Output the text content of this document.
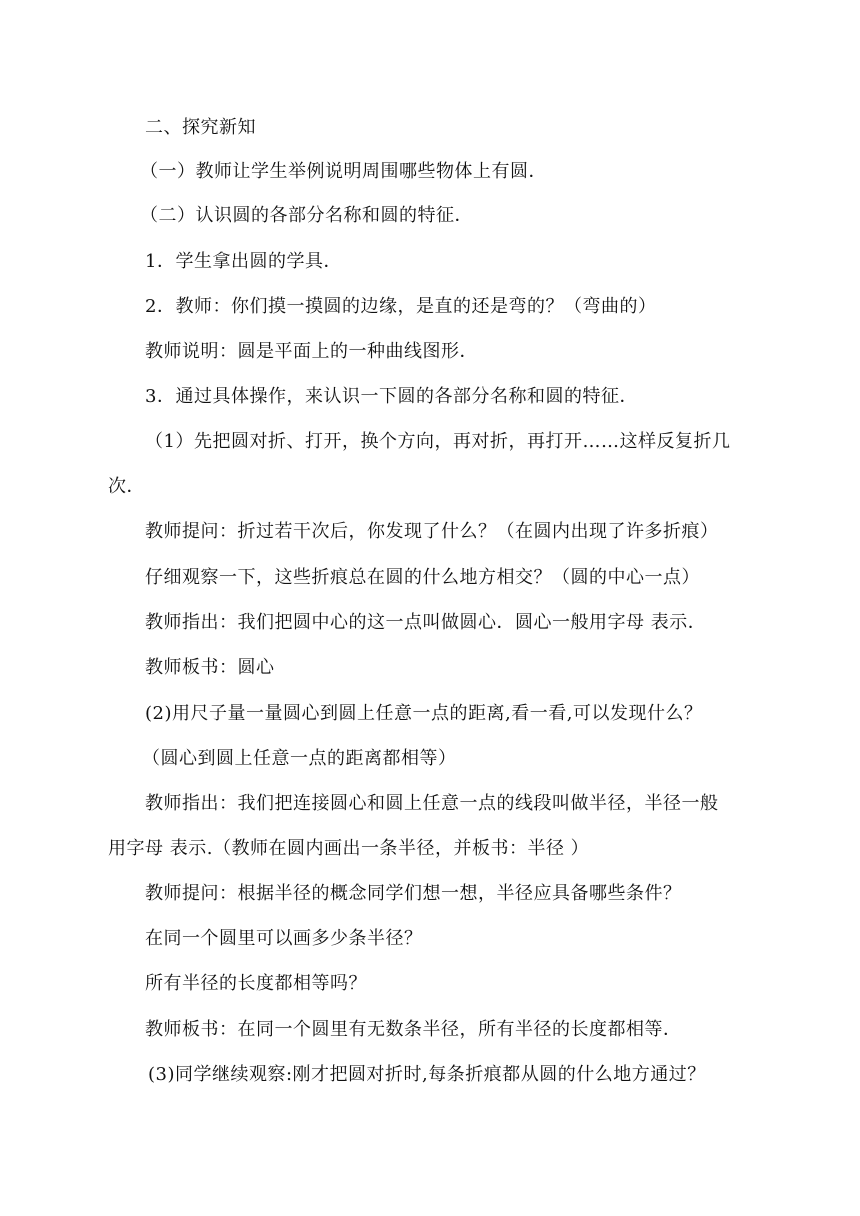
二、探究新知
（一）教师让学生举例说明周围哪些物体上有圆．
（二）认识圆的各部分名称和圆的特征．
1．学生拿出圆的学具．
2．教师：你们摸一摸圆的边缘，是直的还是弯的？（弯曲的）
教师说明：圆是平面上的一种曲线图形．
3．通过具体操作，来认识一下圆的各部分名称和圆的特征．
（1）先把圆对折、打开，换个方向，再对折，再打开……这样反复折几
次．
教师提问：折过若干次后，你发现了什么？（在圆内出现了许多折痕）
仔细观察一下，这些折痕总在圆的什么地方相交？（圆的中心一点）
教师指出：我们把圆中心的这一点叫做圆心．圆心一般用字母 表示．
教师板书：圆心
(2)用尺子量一量圆心到圆上任意一点的距离,看一看,可以发现什么？
（圆心到圆上任意一点的距离都相等）
教师指出：我们把连接圆心和圆上任意一点的线段叫做半径，半径一般
用字母 表示.（教师在圆内画出一条半径，并板书：半径 ）
教师提问：根据半径的概念同学们想一想，半径应具备哪些条件？
在同一个圆里可以画多少条半径？
所有半径的长度都相等吗？
教师板书：在同一个圆里有无数条半径，所有半径的长度都相等．
(3)同学继续观察:刚才把圆对折时,每条折痕都从圆的什么地方通过？
